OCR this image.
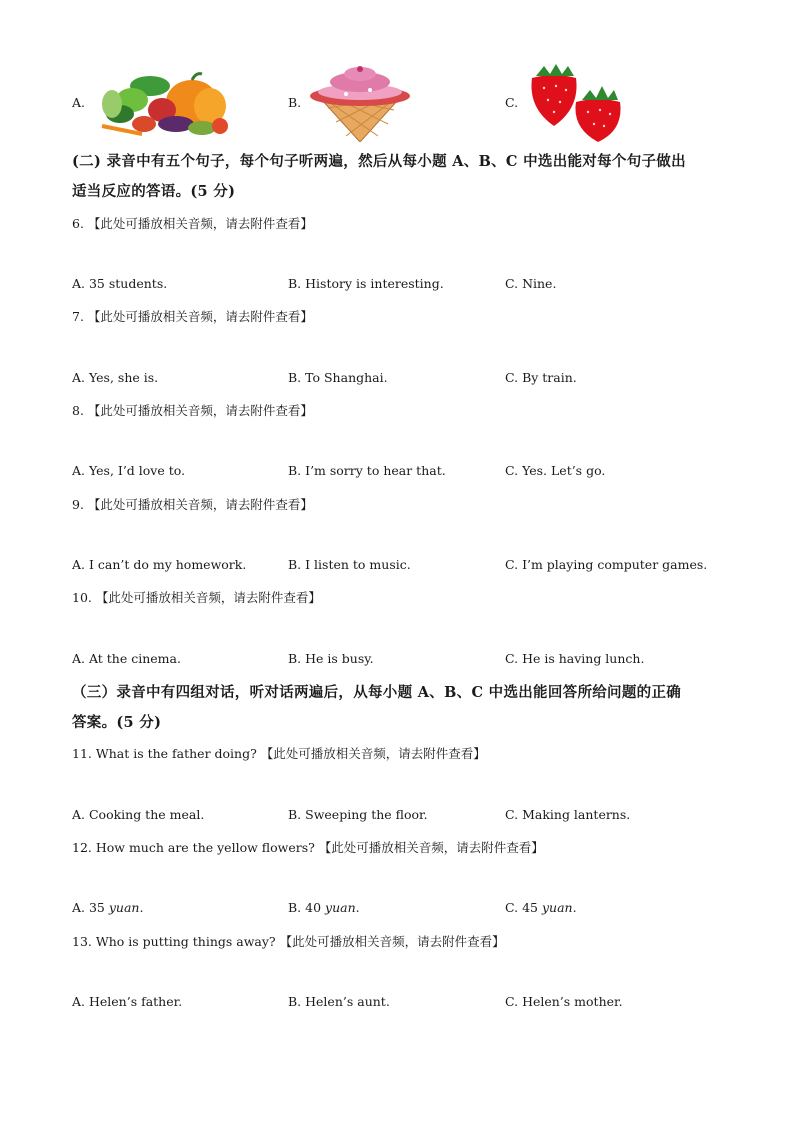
A.	B.	C.
(二) 录音中有五个句子，每个句子听两遍，然后从每小题 A、B、C 中选出能对每个句子做出
适当反应的答语。(5 分)
6. 【此处可播放相关音频，请去附件查看】
A. 35 students.	B. History is interesting.	C. Nine.
7. 【此处可播放相关音频，请去附件查看】
A. Yes, she is.	B. To Shanghai.	C. By train.
8. 【此处可播放相关音频，请去附件查看】
A. Yes, I’d love to.	B. I’m sorry to hear that.	C. Yes. Let’s go.
9. 【此处可播放相关音频，请去附件查看】
A. I can’t do my homework.	B. I listen to music.	C. I’m playing computer games.
10. 【此处可播放相关音频，请去附件查看】
A. At the cinema.	B. He is busy.	C. He is having lunch.
（三）录音中有四组对话，听对话两遍后，从每小题 A、B、C 中选出能回答所给问题的正确
答案。(5 分)
11. What is the father doing? 【此处可播放相关音频，请去附件查看】
A. Cooking the meal.	B. Sweeping the floor.	C. Making lanterns.
12. How much are the yellow flowers? 【此处可播放相关音频，请去附件查看】
A. 35 yuan.	B. 40 yuan.	C. 45 yuan.
13. Who is putting things away? 【此处可播放相关音频，请去附件查看】
A. Helen’s father.	B. Helen’s aunt.	C. Helen’s mother.
